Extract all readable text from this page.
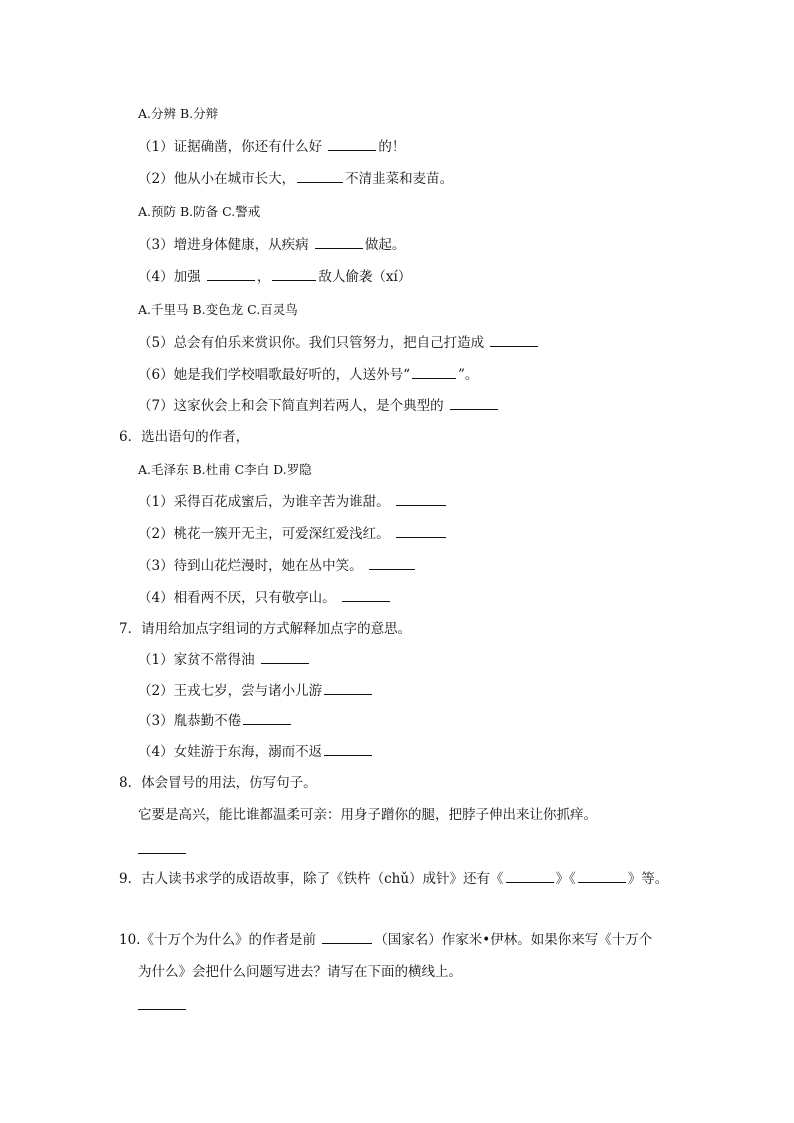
A.分辨 B.分辩

（1）证据确凿，你还有什么好	的！

（2）他从小在城市长大，	不清韭菜和麦苗。

A.预防 B.防备 C.警戒

（3）增进身体健康，从疾病	做起。

（4）加强	，	敌人偷袭（xí）

A.千里马 B.变色龙 C.百灵鸟

（5）总会有伯乐来赏识你。我们只管努力，把自己打造成

（6）她是我们学校唱歌最好听的，人送外号“	”。

（7）这家伙会上和会下简直判若两人，是个典型的

6．选出语句的作者，

A.毛泽东 B.杜甫 C李白 D.罗隐

（1）采得百花成蜜后，为谁辛苦为谁甜。

（2）桃花一簇开无主，可爱深红爱浅红。

（3）待到山花烂漫时，她在丛中笑。

（4）相看两不厌，只有敬亭山。

7．请用给加点字组词的方式解释加点字的意思。

（1）家贫不常得油

（2）王戎七岁，尝与诸小儿游

（3）胤恭勤不倦

（4）女娃游于东海，溺而不返

8．体会冒号的用法，仿写句子。

它要是高兴，能比谁都温柔可亲：用身子蹭你的腿，把脖子伸出来让你抓痒。

9．古人读书求学的成语故事，除了《铁杵（chǔ）成针》还有《	》《	》等。

10.《十万个为什么》的作者是前	（国家名）作家米•伊林。如果你来写《十万个

为什么》会把什么问题写进去？请写在下面的横线上。
